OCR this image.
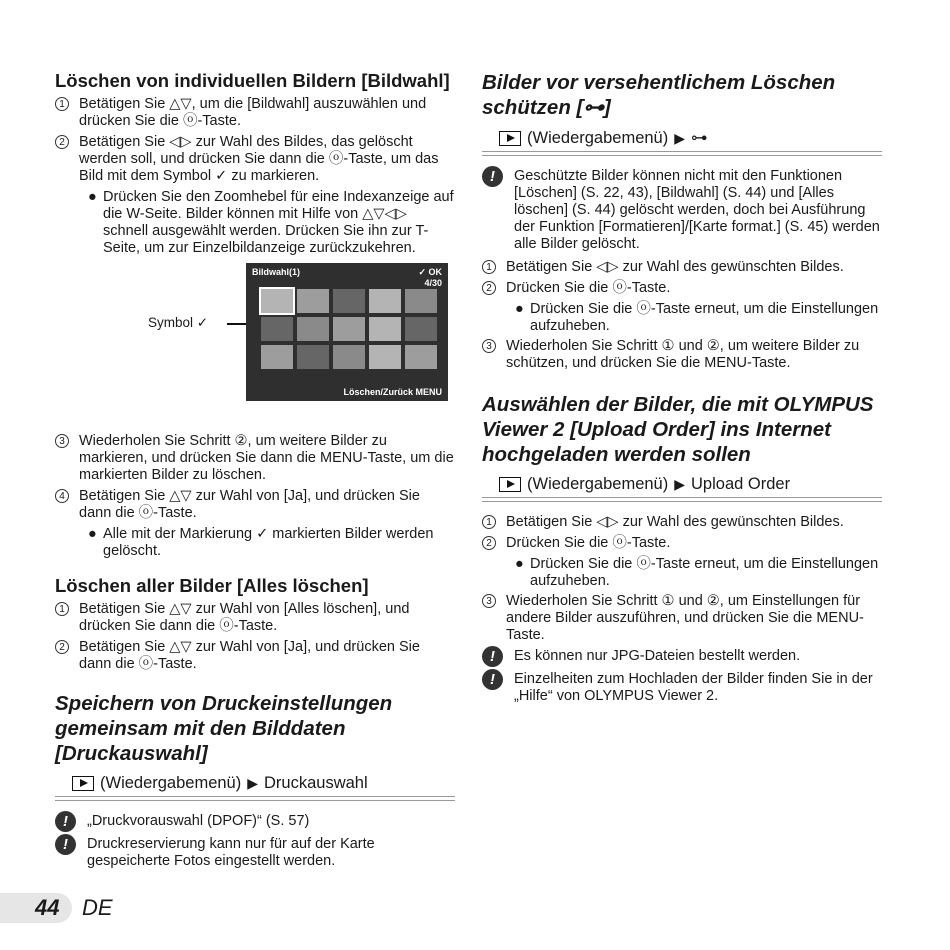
Löschen von individuellen Bildern [Bildwahl]
1 Betätigen Sie △▽, um die [Bildwahl] auszuwählen und drücken Sie die ⓞ-Taste.
2 Betätigen Sie ◁▷ zur Wahl des Bildes, das gelöscht werden soll, und drücken Sie dann die ⓞ-Taste, um das Bild mit dem Symbol ✓ zu markieren.
● Drücken Sie den Zoomhebel für eine Indexanzeige auf die W-Seite. Bilder können mit Hilfe von △▽◁▷ schnell ausgewählt werden. Drücken Sie ihn zur T-Seite, um zur Einzelbildanzeige zurückzukehren.
Symbol ✓
Bildwahl(1)	✓ OK
4/30
Löschen/Zurück MENU
3 Wiederholen Sie Schritt ②, um weitere Bilder zu markieren, und drücken Sie dann die MENU-Taste, um die markierten Bilder zu löschen.
4 Betätigen Sie △▽ zur Wahl von [Ja], und drücken Sie dann die ⓞ-Taste.
● Alle mit der Markierung ✓ markierten Bilder werden gelöscht.
Löschen aller Bilder [Alles löschen]
1 Betätigen Sie △▽ zur Wahl von [Alles löschen], und drücken Sie dann die ⓞ-Taste.
2 Betätigen Sie △▽ zur Wahl von [Ja], und drücken Sie dann die ⓞ-Taste.
Speichern von Druckeinstellungen gemeinsam mit den Bilddaten [Druckauswahl]
(Wiedergabemenü) ▶ Druckauswahl
!	„Druckvorauswahl (DPOF)“ (S. 57)
!	Druckreservierung kann nur für auf der Karte gespeicherte Fotos eingestellt werden.
Bilder vor versehentlichem Löschen schützen [⊶]
(Wiedergabemenü) ▶ ⊶
!	Geschützte Bilder können nicht mit den Funktionen [Löschen] (S. 22, 43), [Bildwahl] (S. 44) und [Alles löschen] (S. 44) gelöscht werden, doch bei Ausführung der Funktion [Formatieren]/[Karte format.] (S. 45) werden alle Bilder gelöscht.
1 Betätigen Sie ◁▷ zur Wahl des gewünschten Bildes.
2 Drücken Sie die ⓞ-Taste.
● Drücken Sie die ⓞ-Taste erneut, um die Einstellungen aufzuheben.
3 Wiederholen Sie Schritt ① und ②, um weitere Bilder zu schützen, und drücken Sie die MENU-Taste.
Auswählen der Bilder, die mit OLYMPUS Viewer 2 [Upload Order] ins Internet hochgeladen werden sollen
(Wiedergabemenü) ▶ Upload Order
1 Betätigen Sie ◁▷ zur Wahl des gewünschten Bildes.
2 Drücken Sie die ⓞ-Taste.
● Drücken Sie die ⓞ-Taste erneut, um die Einstellungen aufzuheben.
3 Wiederholen Sie Schritt ① und ②, um Einstellungen für andere Bilder auszuführen, und drücken Sie die MENU-Taste.
!	Es können nur JPG-Dateien bestellt werden.
!	Einzelheiten zum Hochladen der Bilder finden Sie in der „Hilfe“ von OLYMPUS Viewer 2.
44 DE
